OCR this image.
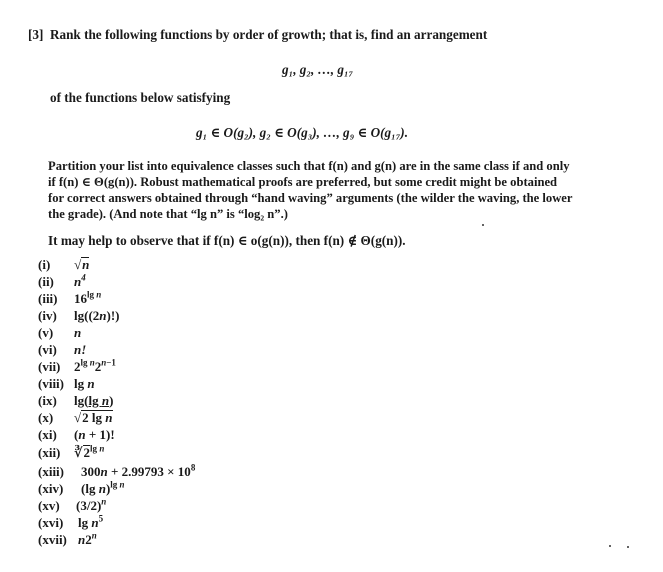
[3] Rank the following functions by order of growth; that is, find an arrangement
g₁, g₂, …, g₁₇
of the functions below satisfying
g₁ ∈ O(g₂), g₂ ∈ O(g₃), …, g₉ ∈ O(g₁₇).
Partition your list into equivalence classes such that f(n) and g(n) are in the same class if and only
if f(n) ∈ Θ(g(n)). Robust mathematical proofs are preferred, but some credit might be obtained
for correct answers obtained through “hand waving” arguments (the wilder the waving, the lower
the grade). (And note that “lg n” is “log₂ n”.)
It may help to observe that if f(n) ∈ o(g(n)), then f(n) ∉ Θ(g(n)).
(i) √n
(ii) $n^4$
(iii) $16^{lg n}$
(iv) lg((2n)!)
(v) n
(vi) n!
(vii) $2^{lg n}2^{n-1}$
(viii) lg n
(ix) lg(lg n)
(x) √2 lg n
(xi) (n + 1)!
(xii) $∛2^{lg n}$
(xiii) $300n + 2.99793 \times 10^8$
(xiv) (lg n)$^{lg n}$
(xv) $(3/2)^n$
(xvi) $\lg n^5$
(xvii) n2$^n$
